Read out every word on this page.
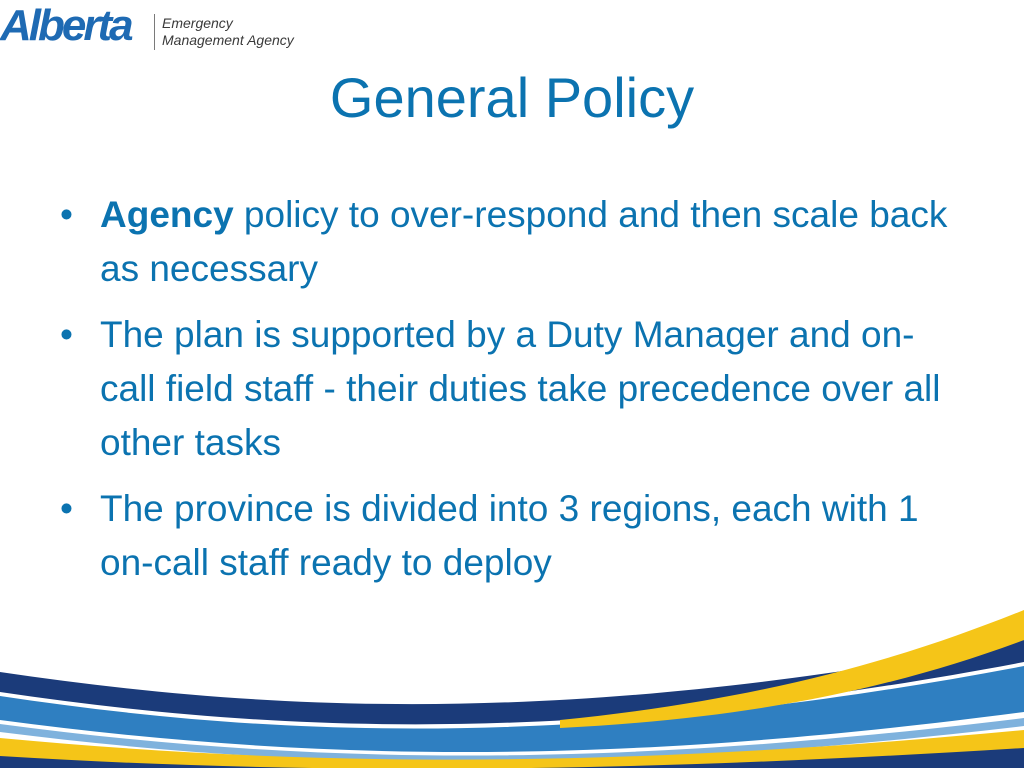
Alberta Emergency
Management Agency
General Policy
• Agency policy to over-respond and then scale back as necessary
• The plan is supported by a Duty Manager and on-call field staff - their duties take precedence over all other tasks
• The province is divided into 3 regions, each with 1 on-call staff ready to deploy
